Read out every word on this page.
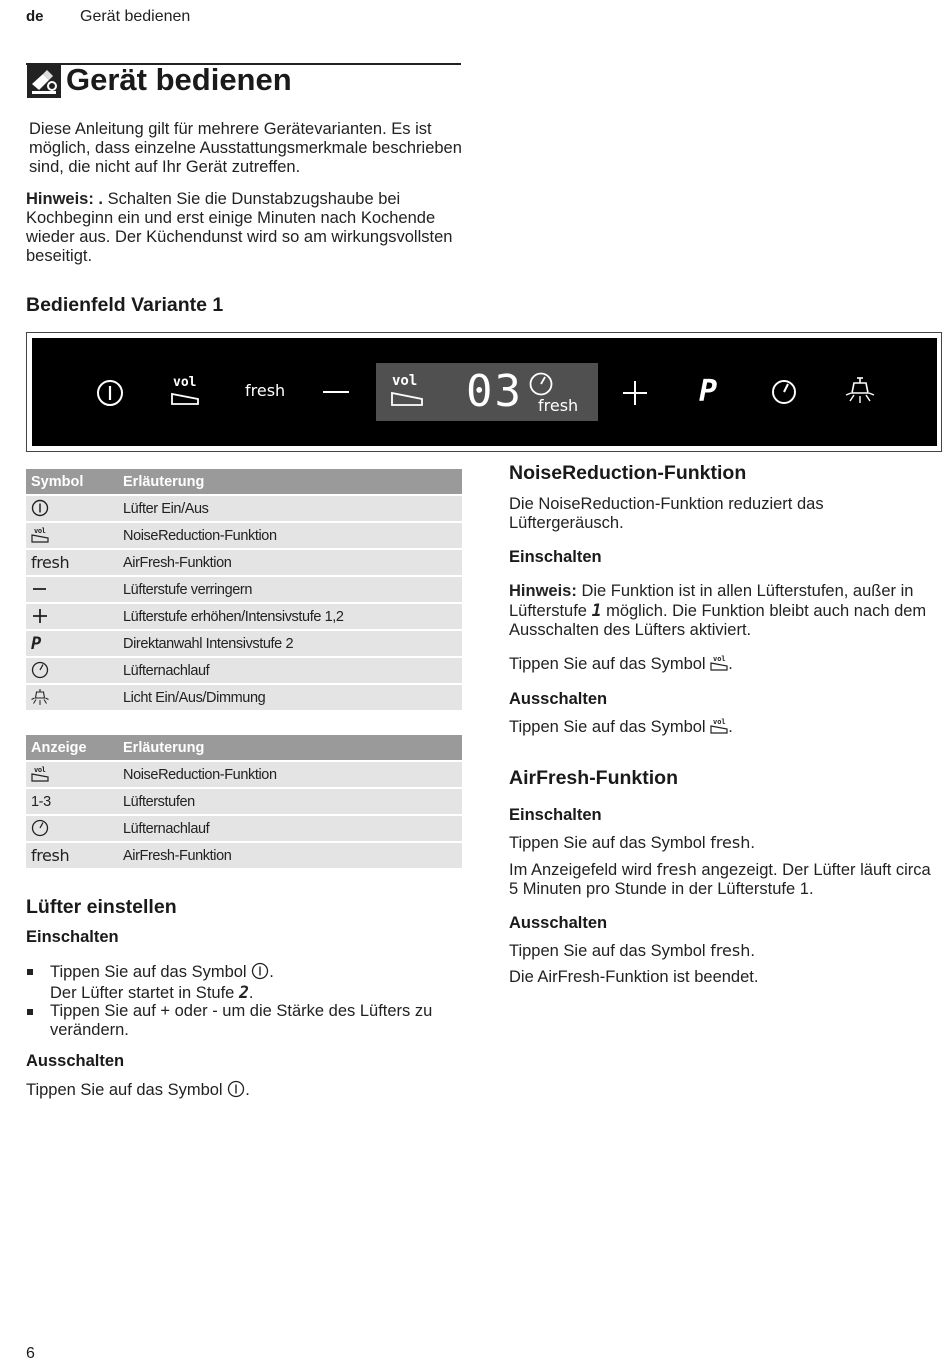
de Gerät bedienen
Gerät bedienen
Diese Anleitung gilt für mehrere Gerätevarianten. Es ist möglich, dass einzelne Ausstattungsmerkmale beschrieben sind, die nicht auf Ihr Gerät zutreffen.
Hinweis: . Schalten Sie die Dunstabzugshaube bei Kochbeginn ein und erst einige Minuten nach Kochende wieder aus. Der Küchendunst wird so am wirkungsvollsten beseitigt.
Bedienfeld Variante 1
vol	fresh	vol 03 fresh	P
Symbol	Erläuterung
	Lüfter Ein/Aus

vol	NoiseReduction-Funktion
fresh	AirFresh-Funktion
	Lüfterstufe verringern
	Lüfterstufe erhöhen/Intensivstufe 1,2
P	Direktanwahl Intensivstufe 2
	Lüfternachlauf
	Licht Ein/Aus/Dimmung
Anzeige	Erläuterung

vol	NoiseReduction-Funktion
1-3	Lüfterstufen
	Lüfternachlauf
fresh	AirFresh-Funktion
Lüfter einstellen
Einschalten
Tippen Sie auf das Symbol .
Der Lüfter startet in Stufe 2.
Tippen Sie auf + oder - um die Stärke des Lüfters zu verändern.
Ausschalten
Tippen Sie auf das Symbol .
NoiseReduction-Funktion
Die NoiseReduction-Funktion reduziert das Lüftergeräusch.
Einschalten
Hinweis: Die Funktion ist in allen Lüfterstufen, außer in Lüfterstufe 1 möglich. Die Funktion bleibt auch nach dem Ausschalten des Lüfters aktiviert.
Tippen Sie auf das Symbol vol .
Ausschalten
Tippen Sie auf das Symbol vol .
AirFresh-Funktion
Einschalten
Tippen Sie auf das Symbol fresh.
Im Anzeigefeld wird fresh angezeigt. Der Lüfter läuft circa 5 Minuten pro Stunde in der Lüfterstufe 1.
Ausschalten
Tippen Sie auf das Symbol fresh.
Die AirFresh-Funktion ist beendet.
6
